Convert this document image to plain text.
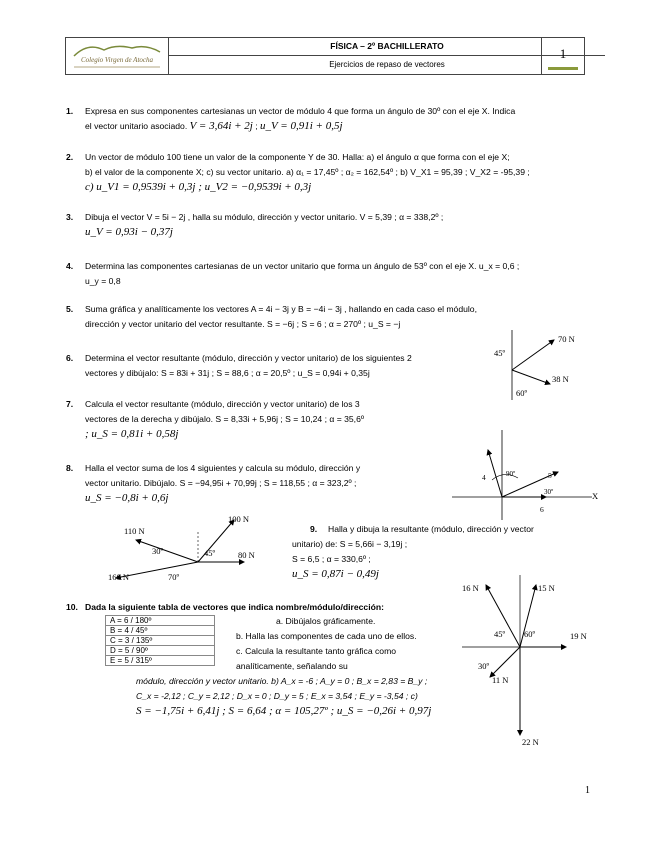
Colegio Virgen de Atocha
FÍSICA – 2º BACHILLERATO
Ejercicios de repaso de vectores
1
1. Expresa en sus componentes cartesianas un vector de módulo 4 que forma un ángulo de 30º con el eje X. Indica
el vector unitario asociado. V = 3,64i + 2j ; u_V = 0,91i + 0,5j
2. Un vector de módulo 100 tiene un valor de la componente Y de 30. Halla: a) el ángulo α que forma con el eje X;
b) el valor de la componente X; c) su vector unitario. a) α₁ = 17,45º ; α₂ = 162,54º ; b) V_X1 = 95,39 ; V_X2 = -95,39 ;
c) u_V1 = 0,9539i + 0,3j ; u_V2 = −0,9539i + 0,3j
3. Dibuja el vector V = 5i − 2j , halla su módulo, dirección y vector unitario. V = 5,39 ; α = 338,2º ;
u_V = 0,93i − 0,37j
4. Determina las componentes cartesianas de un vector unitario que forma un ángulo de 53º con el eje X. u_x = 0,6 ;
u_y = 0,8
5. Suma gráfica y analíticamente los vectores A = 4i − 3j y B = −4i − 3j , hallando en cada caso el módulo,
dirección y vector unitario del vector resultante. S = −6j ; S = 6 ; α = 270º ; u_S = −j
6. Determina el vector resultante (módulo, dirección y vector unitario) de los siguientes 2
vectores y dibújalo: S = 83i + 31j ; S = 88,6 ; α = 20,5º ; u_S = 0,94i + 0,35j
7. Calcula el vector resultante (módulo, dirección y vector unitario) de los 3
vectores de la derecha y dibújalo. S = 8,33i + 5,96j ; S = 10,24 ; α = 35,6º
; u_S = 0,81i + 0,58j
8. Halla el vector suma de los 4 siguientes y calcula su módulo, dirección y
vector unitario. Dibújalo. S = −94,95i + 70,99j ; S = 118,55 ; α = 323,2º ;
u_S = −0,8i + 0,6j
9.	Halla y dibuja la resultante (módulo, dirección y vector
unitario) de: S = 5,66i − 3,19j ;
S = 6,5 ; α = 330,6º ;
u_S = 0,87i − 0,49j
10. Dada la siguiente tabla de vectores que indica nombre/módulo/dirección:
A = 6 / 180º
B = 4 / 45º
C = 3 / 135º
D = 5 / 90º
E = 5 / 315º
a. Dibújalos gráficamente.
b. Halla las componentes de cada uno de ellos.
c. Calcula la resultante tanto gráfica como analíticamente, señalando su
módulo, dirección y vector unitario. b) A_x = -6 ; A_y = 0 ; B_x = 2,83 = B_y ;
C_x = -2,12 ; C_y = 2,12 ; D_x = 0 ; D_y = 5 ; E_x = 3,54 ; E_y = -3,54 ; c)
S = −1,75i + 6,41j ; S = 6,64 ; α = 105,27º ; u_S = −0,26i + 0,97j
70 N
45º
38 N
60º
4	90º	5
30º	X
6
100 N
110 N
30º	45º	80 N
160 N	70º
16 N	15 N
45º 60º	19 N
30º
11 N
22 N
1
